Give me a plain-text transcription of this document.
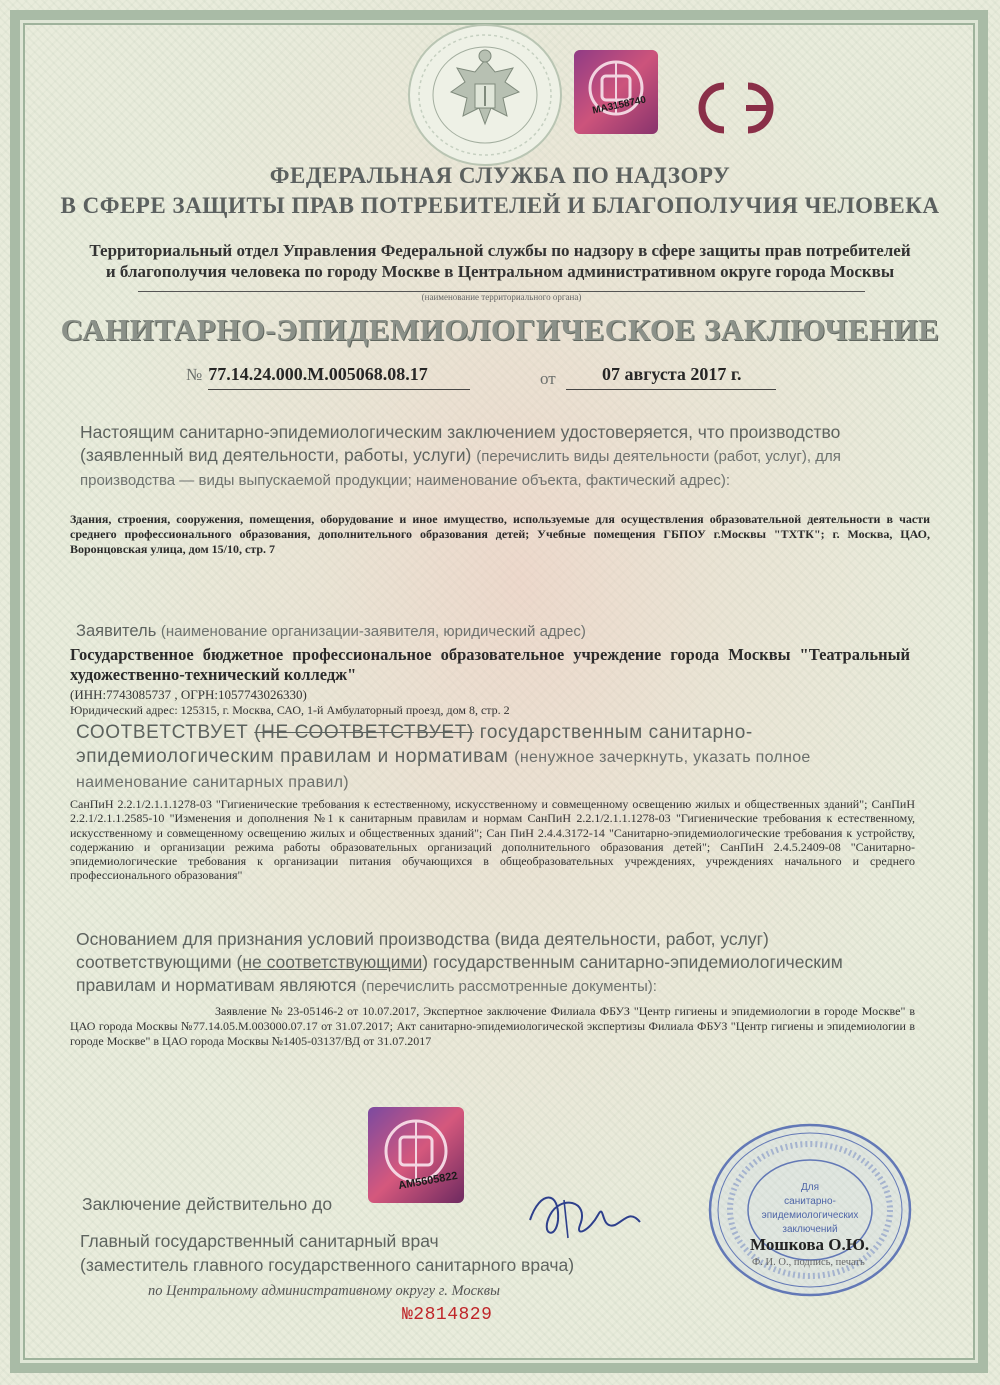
МА3158740
ФЕДЕРАЛЬНАЯ СЛУЖБА ПО НАДЗОРУ
В СФЕРЕ ЗАЩИТЫ ПРАВ ПОТРЕБИТЕЛЕЙ И БЛАГОПОЛУЧИЯ ЧЕЛОВЕКА
Территориальный отдел Управления Федеральной службы по надзору в сфере защиты прав потребителей
и благополучия человека по городу Москве в Центральном административном округе города Москвы
(наименование территориального органа)
САНИТАРНО-ЭПИДЕМИОЛОГИЧЕСКОЕ ЗАКЛЮЧЕНИЕ
№ 77.14.24.000.М.005068.08.17	от	07 августа 2017 г.
Настоящим санитарно-эпидемиологическим заключением удостоверяется, что производство (заявленный вид деятельности, работы, услуги) (перечислить виды деятельности (работ, услуг), для производства — виды выпускаемой продукции; наименование объекта, фактический адрес):
Здания, строения, сооружения, помещения, оборудование и иное имущество, используемые для осуществления образовательной деятельности в части среднего профессионального образования, дополнительного образования детей; Учебные помещения ГБПОУ г.Москвы "ТХТК"; г. Москва, ЦАО, Воронцовская улица, дом 15/10, стр. 7
Заявитель (наименование организации-заявителя, юридический адрес)
Государственное бюджетное профессиональное образовательное учреждение города Москвы "Театральный художественно-технический колледж"
(ИНН:7743085737 , ОГРН:1057743026330)
Юридический адрес: 125315, г. Москва, САО, 1-й Амбулаторный проезд, дом 8, стр. 2
СООТВЕТСТВУЕТ (НЕ СООТВЕТСТВУЕТ) государственным санитарно-эпидемиологическим правилам и нормативам (ненужное зачеркнуть, указать полное наименование санитарных правил)
СанПиН 2.2.1/2.1.1.1278-03 "Гигиенические требования к естественному, искусственному и совмещенному освещению жилых и общественных зданий"; СанПиН 2.2.1/2.1.1.2585-10 "Изменения и дополнения №1 к санитарным правилам и нормам СанПиН 2.2.1/2.1.1.1278-03 "Гигиенические требования к естественному, искусственному и совмещенному освещению жилых и общественных зданий"; Сан ПиН 2.4.4.3172-14 "Санитарно-эпидемиологические требования к устройству, содержанию и организации режима работы образовательных организаций дополнительного образования детей"; СанПиН 2.4.5.2409-08 "Санитарно-эпидемиологические требования к организации питания обучающихся в общеобразовательных учреждениях, учреждениях начального и среднего профессионального образования"
Основанием для признания условий производства (вида деятельности, работ, услуг) соответствующими (не соответствующими) государственным санитарно-эпидемиологическим правилам и нормативам являются (перечислить рассмотренные документы):
Заявление № 23-05146-2 от 10.07.2017, Экспертное заключение Филиала ФБУЗ "Центр гигиены и эпидемиологии в городе Москве" в ЦАО города Москвы №77.14.05.М.003000.07.17 от 31.07.2017; Акт санитарно-эпидемиологической экспертизы Филиала ФБУЗ "Центр гигиены и эпидемиологии в городе Москве" в ЦАО города Москвы №1405-03137/ВД от 31.07.2017
АМ5605822	Для
санитарно-
эпидемиологических
заключений
Заключение действительно до
Главный государственный санитарный врач
(заместитель главного государственного санитарного врача)
по Центральному административному округу г. Москвы
№2814829
Мошкова О.Ю.
Ф. И. О., подпись, печать
